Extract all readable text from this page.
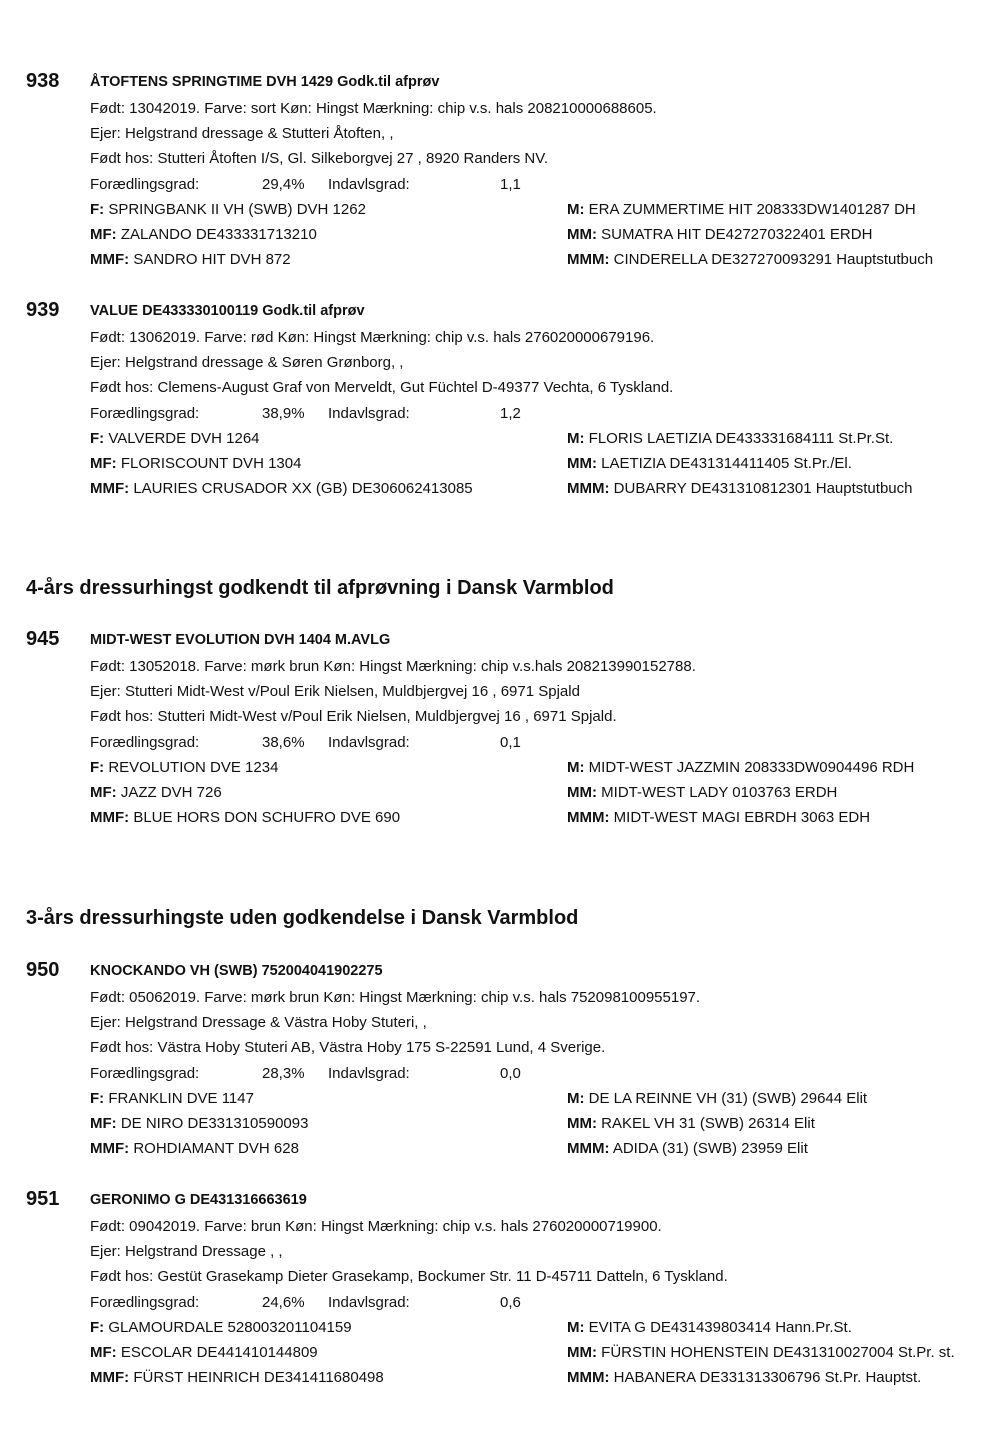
4-års dressurhingst godkendt til afprøvning i Dansk Varmblod
3-års dressurhingste uden godkendelse i Dansk Varmblod
938 ÅTOFTENS SPRINGTIME DVH 1429 Godk.til afprøv
Født: 13042019. Farve: sort Køn: Hingst Mærkning: chip v.s. hals 208210000688605.
Ejer: Helgstrand dressage & Stutteri Åtoften, ,
Født hos: Stutteri Åtoften I/S, Gl. Silkeborgvej 27 , 8920 Randers NV.
Forædlingsgrad:	29,4% Indavlsgrad:	1,1
F: SPRINGBANK II VH (SWB) DVH 1262	M: ERA ZUMMERTIME HIT 208333DW1401287 DH
MF: ZALANDO DE433331713210	MM: SUMATRA HIT DE427270322401 ERDH
MMF: SANDRO HIT DVH 872	MMM: CINDERELLA DE327270093291 Hauptstutbuch
939 VALUE DE433330100119 Godk.til afprøv
Født: 13062019. Farve: rød Køn: Hingst Mærkning: chip v.s. hals 276020000679196.
Ejer: Helgstrand dressage & Søren Grønborg, ,
Født hos: Clemens-August Graf von Merveldt, Gut Füchtel D-49377 Vechta, 6 Tyskland.
Forædlingsgrad:	38,9% Indavlsgrad:	1,2
F: VALVERDE DVH 1264	M: FLORIS LAETIZIA DE433331684111 St.Pr.St.
MF: FLORISCOUNT DVH 1304	MM: LAETIZIA DE431314411405 St.Pr./El.
MMF: LAURIES CRUSADOR XX (GB) DE306062413085	MMM: DUBARRY DE431310812301 Hauptstutbuch
945 MIDT-WEST EVOLUTION DVH 1404 M.AVLG
Født: 13052018. Farve: mørk brun Køn: Hingst Mærkning: chip v.s.hals 208213990152788.
Ejer: Stutteri Midt-West v/Poul Erik Nielsen, Muldbjergvej 16 , 6971 Spjald
Født hos: Stutteri Midt-West v/Poul Erik Nielsen, Muldbjergvej 16 , 6971 Spjald.
Forædlingsgrad:	38,6% Indavlsgrad:	0,1
F: REVOLUTION DVE 1234	M: MIDT-WEST JAZZMIN 208333DW0904496 RDH
MF: JAZZ DVH 726	MM: MIDT-WEST LADY 0103763 ERDH
MMF: BLUE HORS DON SCHUFRO DVE 690	MMM: MIDT-WEST MAGI EBRDH 3063 EDH
950 KNOCKANDO VH (SWB) 752004041902275
Født: 05062019. Farve: mørk brun Køn: Hingst Mærkning: chip v.s. hals 752098100955197.
Ejer: Helgstrand Dressage & Västra Hoby Stuteri, ,
Født hos: Västra Hoby Stuteri AB, Västra Hoby 175 S-22591 Lund, 4 Sverige.
Forædlingsgrad:	28,3% Indavlsgrad:	0,0
F: FRANKLIN DVE 1147	M: DE LA REINNE VH (31) (SWB) 29644 Elit
MF: DE NIRO DE331310590093	MM: RAKEL VH 31 (SWB) 26314 Elit
MMF: ROHDIAMANT DVH 628	MMM: ADIDA (31) (SWB) 23959 Elit
951 GERONIMO G DE431316663619
Født: 09042019. Farve: brun Køn: Hingst Mærkning: chip v.s. hals 276020000719900.
Ejer: Helgstrand Dressage , ,
Født hos: Gestüt Grasekamp Dieter Grasekamp, Bockumer Str. 11 D-45711 Datteln, 6 Tyskland.
Forædlingsgrad:	24,6% Indavlsgrad:	0,6
F: GLAMOURDALE 528003201104159	M: EVITA G DE431439803414 Hann.Pr.St.
MF: ESCOLAR DE441410144809	MM: FÜRSTIN HOHENSTEIN DE431310027004 St.Pr. st.
MMF: FÜRST HEINRICH DE341411680498	MMM: HABANERA DE331313306796 St.Pr. Hauptst.
